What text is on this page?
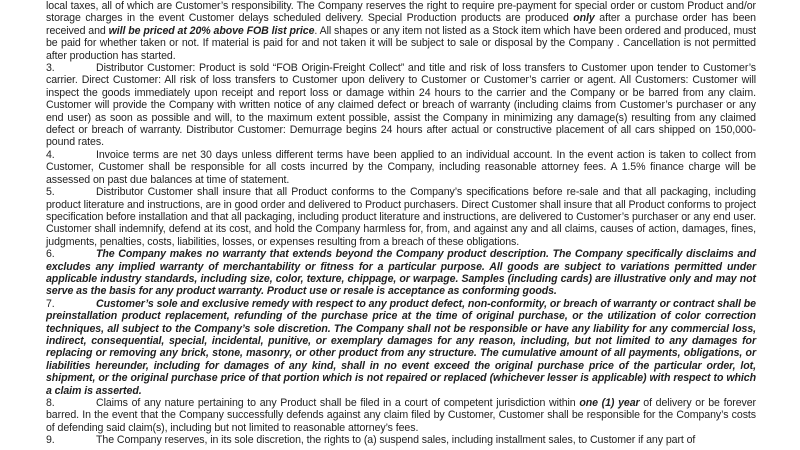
local taxes, all of which are Customer’s responsibility. The Company reserves the right to require pre-payment for special order or custom Product and/or storage charges in the event Customer delays scheduled delivery. Special Production products are produced only after a purchase order has been received and will be priced at 20% above FOB list price. All shapes or any item not listed as a Stock item which have been ordered and produced, must be paid for whether taken or not. If material is paid for and not taken it will be subject to sale or disposal by the Company . Cancellation is not permitted after production has started.

3.	Distributor Customer: Product is sold “FOB Origin-Freight Collect” and title and risk of loss transfers to Customer upon tender to Customer’s carrier. Direct Customer: All risk of loss transfers to Customer upon delivery to Customer or Customer’s carrier or agent. All Customers: Customer will inspect the goods immediately upon receipt and report loss or damage within 24 hours to the carrier and the Company or be barred from any claim. Customer will provide the Company with written notice of any claimed defect or breach of warranty (including claims from Customer’s purchaser or any end user) as soon as possible and will, to the maximum extent possible, assist the Company in minimizing any damage(s) resulting from any claimed defect or breach of warranty. Distributor Customer: Demurrage begins 24 hours after actual or constructive placement of all cars shipped on 150,000-pound rates.

4.	Invoice terms are net 30 days unless different terms have been applied to an individual account. In the event action is taken to collect from Customer, Customer shall be responsible for all costs incurred by the Company, including reasonable attorney fees. A 1.5% finance charge will be assessed on past due balances at time of statement.

5.	Distributor Customer shall insure that all Product conforms to the Company’s specifications before re-sale and that all packaging, including product literature and instructions, are in good order and delivered to Product purchasers. Direct Customer shall insure that all Product conforms to project specification before installation and that all packaging, including product literature and instructions, are delivered to Customer’s purchaser or any end user. Customer shall indemnify, defend at its cost, and hold the Company harmless for, from, and against any and all claims, causes of action, damages, fines, judgments, penalties, costs, liabilities, losses, or expenses resulting from a breach of these obligations.

6.	The Company makes no warranty that extends beyond the Company product description. The Company specifically disclaims and excludes any implied warranty of merchantability or fitness for a particular purpose. All goods are subject to variations permitted under applicable industry standards, including size, color, texture, chippage, or warpage. Samples (including cards) are illustrative only and may not serve as the basis for any product warranty. Product use or resale is acceptance as conforming goods.

7.	Customer’s sole and exclusive remedy with respect to any product defect, non-conformity, or breach of warranty or contract shall be preinstallation product replacement, refunding of the purchase price at the time of original purchase, or the utilization of color correction techniques, all subject to the Company’s sole discretion. The Company shall not be responsible or have any liability for any commercial loss, indirect, consequential, special, incidental, punitive, or exemplary damages for any reason, including, but not limited to any damages for replacing or removing any brick, stone, masonry, or other product from any structure. The cumulative amount of all payments, obligations, or liabilities hereunder, including for damages of any kind, shall in no event exceed the original purchase price of the particular order, lot, shipment, or the original purchase price of that portion which is not repaired or replaced (whichever lesser is applicable) with respect to which a claim is asserted.

8.	Claims of any nature pertaining to any Product shall be filed in a court of competent jurisdiction within one (1) year of delivery or be forever barred. In the event that the Company successfully defends against any claim filed by Customer, Customer shall be responsible for the Company’s costs of defending said claim(s), including but not limited to reasonable attorney’s fees.

9.	The Company reserves, in its sole discretion, the rights to (a) suspend sales, including installment sales, to Customer if any part of
